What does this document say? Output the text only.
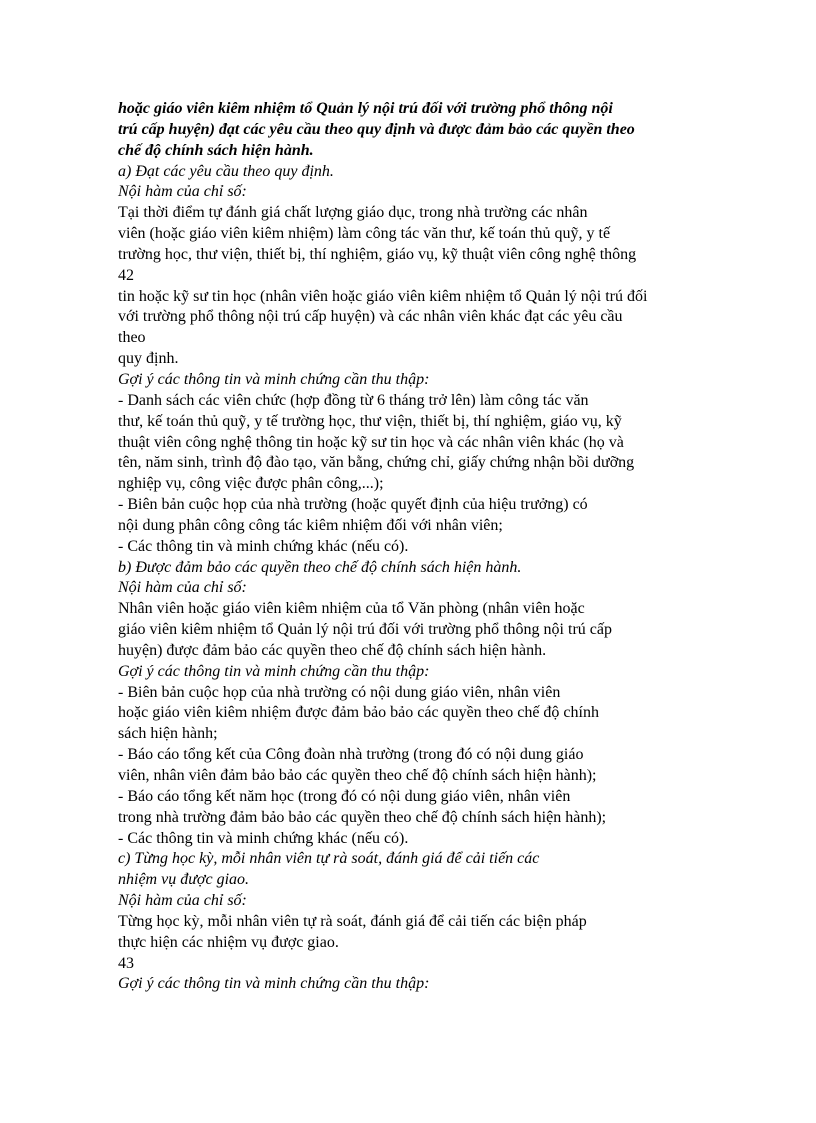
hoặc giáo viên kiêm nhiệm tổ Quản lý nội trú đối với trường phổ thông nội
trú cấp huyện) đạt các yêu cầu theo quy định và được đảm bảo các quyền theo
chế độ chính sách hiện hành.
a) Đạt các yêu cầu theo quy định.
Nội hàm của chỉ số:
Tại thời điểm tự đánh giá chất lượng giáo dục, trong nhà trường các nhân
viên (hoặc giáo viên kiêm nhiệm) làm công tác văn thư, kế toán thủ quỹ, y tế
trường học, thư viện, thiết bị, thí nghiệm, giáo vụ, kỹ thuật viên công nghệ thông
42
tin hoặc kỹ sư tin học (nhân viên hoặc giáo viên kiêm nhiệm tổ Quản lý nội trú đối
với trường phổ thông nội trú cấp huyện) và các nhân viên khác đạt các yêu cầu
theo
quy định.
Gợi ý các thông tin và minh chứng cần thu thập:
- Danh sách các viên chức (hợp đồng từ 6 tháng trở lên) làm công tác văn
thư, kế toán thủ quỹ, y tế trường học, thư viện, thiết bị, thí nghiệm, giáo vụ, kỹ
thuật viên công nghệ thông tin hoặc kỹ sư tin học và các nhân viên khác (họ và
tên, năm sinh, trình độ đào tạo, văn bằng, chứng chỉ, giấy chứng nhận bồi dưỡng
nghiệp vụ, công việc được phân công,...);
- Biên bản cuộc họp của nhà trường (hoặc quyết định của hiệu trưởng) có
nội dung phân công công tác kiêm nhiệm đối với nhân viên;
- Các thông tin và minh chứng khác (nếu có).
b) Được đảm bảo các quyền theo chế độ chính sách hiện hành.
Nội hàm của chỉ số:
Nhân viên hoặc giáo viên kiêm nhiệm của tổ Văn phòng (nhân viên hoặc
giáo viên kiêm nhiệm tổ Quản lý nội trú đối với trường phổ thông nội trú cấp
huyện) được đảm bảo các quyền theo chế độ chính sách hiện hành.
Gợi ý các thông tin và minh chứng cần thu thập:
- Biên bản cuộc họp của nhà trường có nội dung giáo viên, nhân viên
hoặc giáo viên kiêm nhiệm được đảm bảo bảo các quyền theo chế độ chính
sách hiện hành;
- Báo cáo tổng kết của Công đoàn nhà trường (trong đó có nội dung giáo
viên, nhân viên đảm bảo bảo các quyền theo chế độ chính sách hiện hành);
- Báo cáo tổng kết năm học (trong đó có nội dung giáo viên, nhân viên
trong nhà trường đảm bảo bảo các quyền theo chế độ chính sách hiện hành);
- Các thông tin và minh chứng khác (nếu có).
c) Từng học kỳ, mỗi nhân viên tự rà soát, đánh giá để cải tiến các
nhiệm vụ được giao.
Nội hàm của chỉ số:
Từng học kỳ, mỗi nhân viên tự rà soát, đánh giá để cải tiến các biện pháp
thực hiện các nhiệm vụ được giao.
43
Gợi ý các thông tin và minh chứng cần thu thập:
